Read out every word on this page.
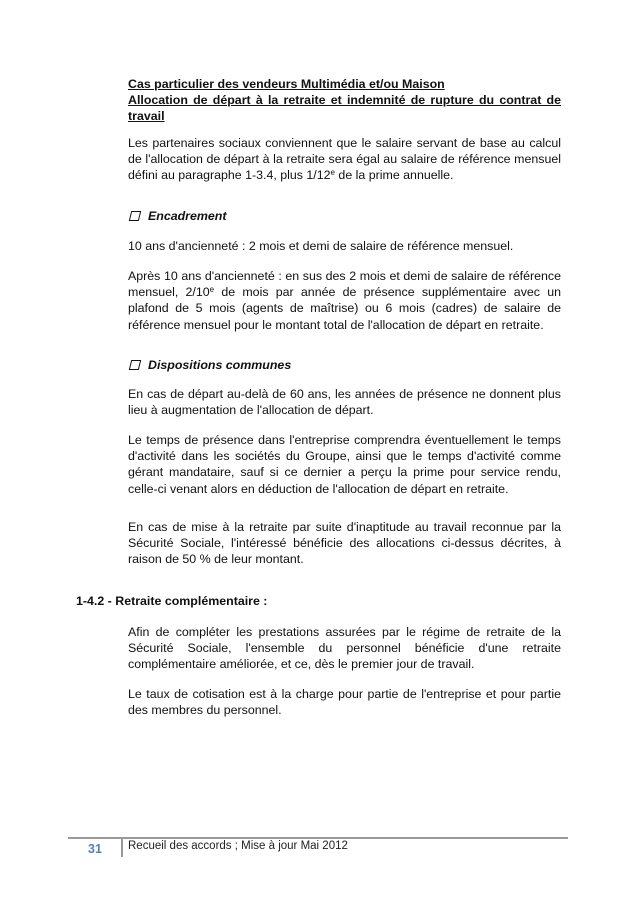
Cas particulier des vendeurs Multimédia et/ou Maison
Allocation de départ à la retraite et indemnité de rupture du contrat de travail
Les partenaires sociaux conviennent que le salaire servant de base au calcul de l'allocation de départ à la retraite sera égal au salaire de référence mensuel défini au paragraphe 1-3.4, plus 1/12e de la prime annuelle.
Encadrement
10 ans d'ancienneté : 2 mois et demi de salaire de référence mensuel.
Après 10 ans d'ancienneté : en sus des 2 mois et demi de salaire de référence mensuel, 2/10e de mois par année de présence supplémentaire avec un plafond de 5 mois (agents de maîtrise) ou 6 mois (cadres) de salaire de référence mensuel pour le montant total de l'allocation de départ en retraite.
Dispositions communes
En cas de départ au-delà de 60 ans, les années de présence ne donnent plus lieu à augmentation de l'allocation de départ.
Le temps de présence dans l'entreprise comprendra éventuellement le temps d'activité dans les sociétés du Groupe, ainsi que le temps d'activité comme gérant mandataire, sauf si ce dernier a perçu la prime pour service rendu, celle-ci venant alors en déduction de l'allocation de départ en retraite.
En cas de mise à la retraite par suite d'inaptitude au travail reconnue par la Sécurité Sociale, l'intéressé bénéficie des allocations ci-dessus décrites, à raison de 50 % de leur montant.
1-4.2 - Retraite complémentaire :
Afin de compléter les prestations assurées par le régime de retraite de la Sécurité Sociale, l'ensemble du personnel bénéficie d'une retraite complémentaire améliorée, et ce, dès le premier jour de travail.
Le taux de cotisation est à la charge pour partie de l'entreprise et pour partie des membres du personnel.
31 Recueil des accords ; Mise à jour Mai 2012
